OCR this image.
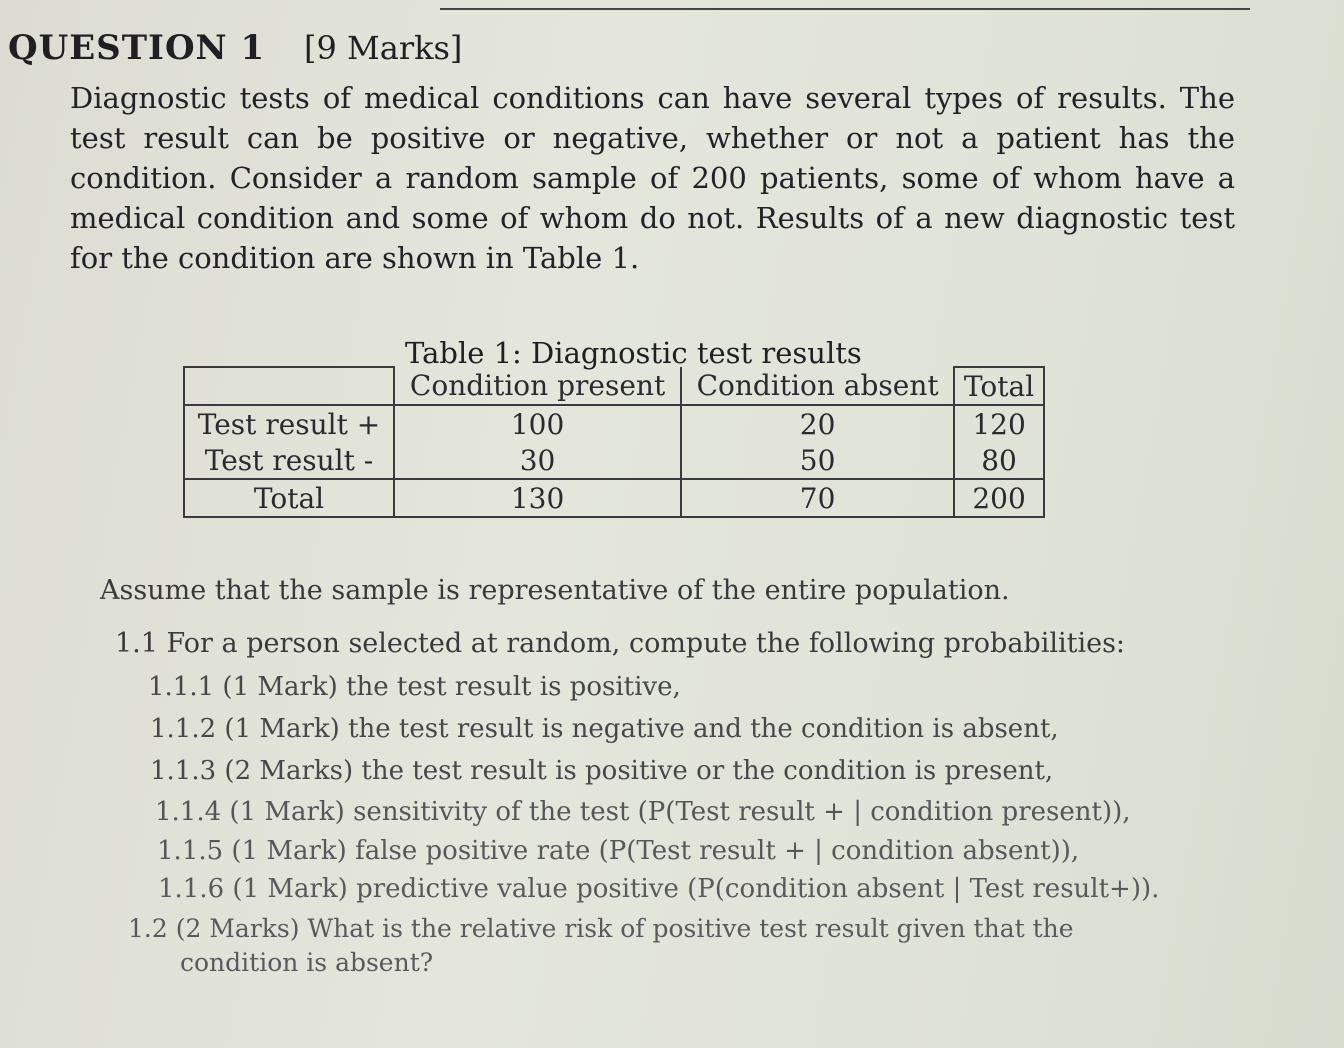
QUESTION 1 [9 Marks]
Diagnostic tests of medical conditions can have several types of results. The test result can be positive or negative, whether or not a patient has the condition. Consider a random sample of 200 patients, some of whom have a medical condition and some of whom do not. Results of a new diagnostic test for the condition are shown in Table 1.
Table 1: Diagnostic test results
	Condition present	Condition absent	Total
Test result +	100	20	120
Test result -	30	50	80
Total	130	70	200
Assume that the sample is representative of the entire population.
1.1 For a person selected at random, compute the following probabilities:
1.1.1 (1 Mark) the test result is positive,
1.1.2 (1 Mark) the test result is negative and the condition is absent,
1.1.3 (2 Marks) the test result is positive or the condition is present,
1.1.4 (1 Mark) sensitivity of the test (P(Test result + | condition present)),
1.1.5 (1 Mark) false positive rate (P(Test result + | condition absent)),
1.1.6 (1 Mark) predictive value positive (P(condition absent | Test result+)).
1.2 (2 Marks) What is the relative risk of positive test result given that the
condition is absent?
